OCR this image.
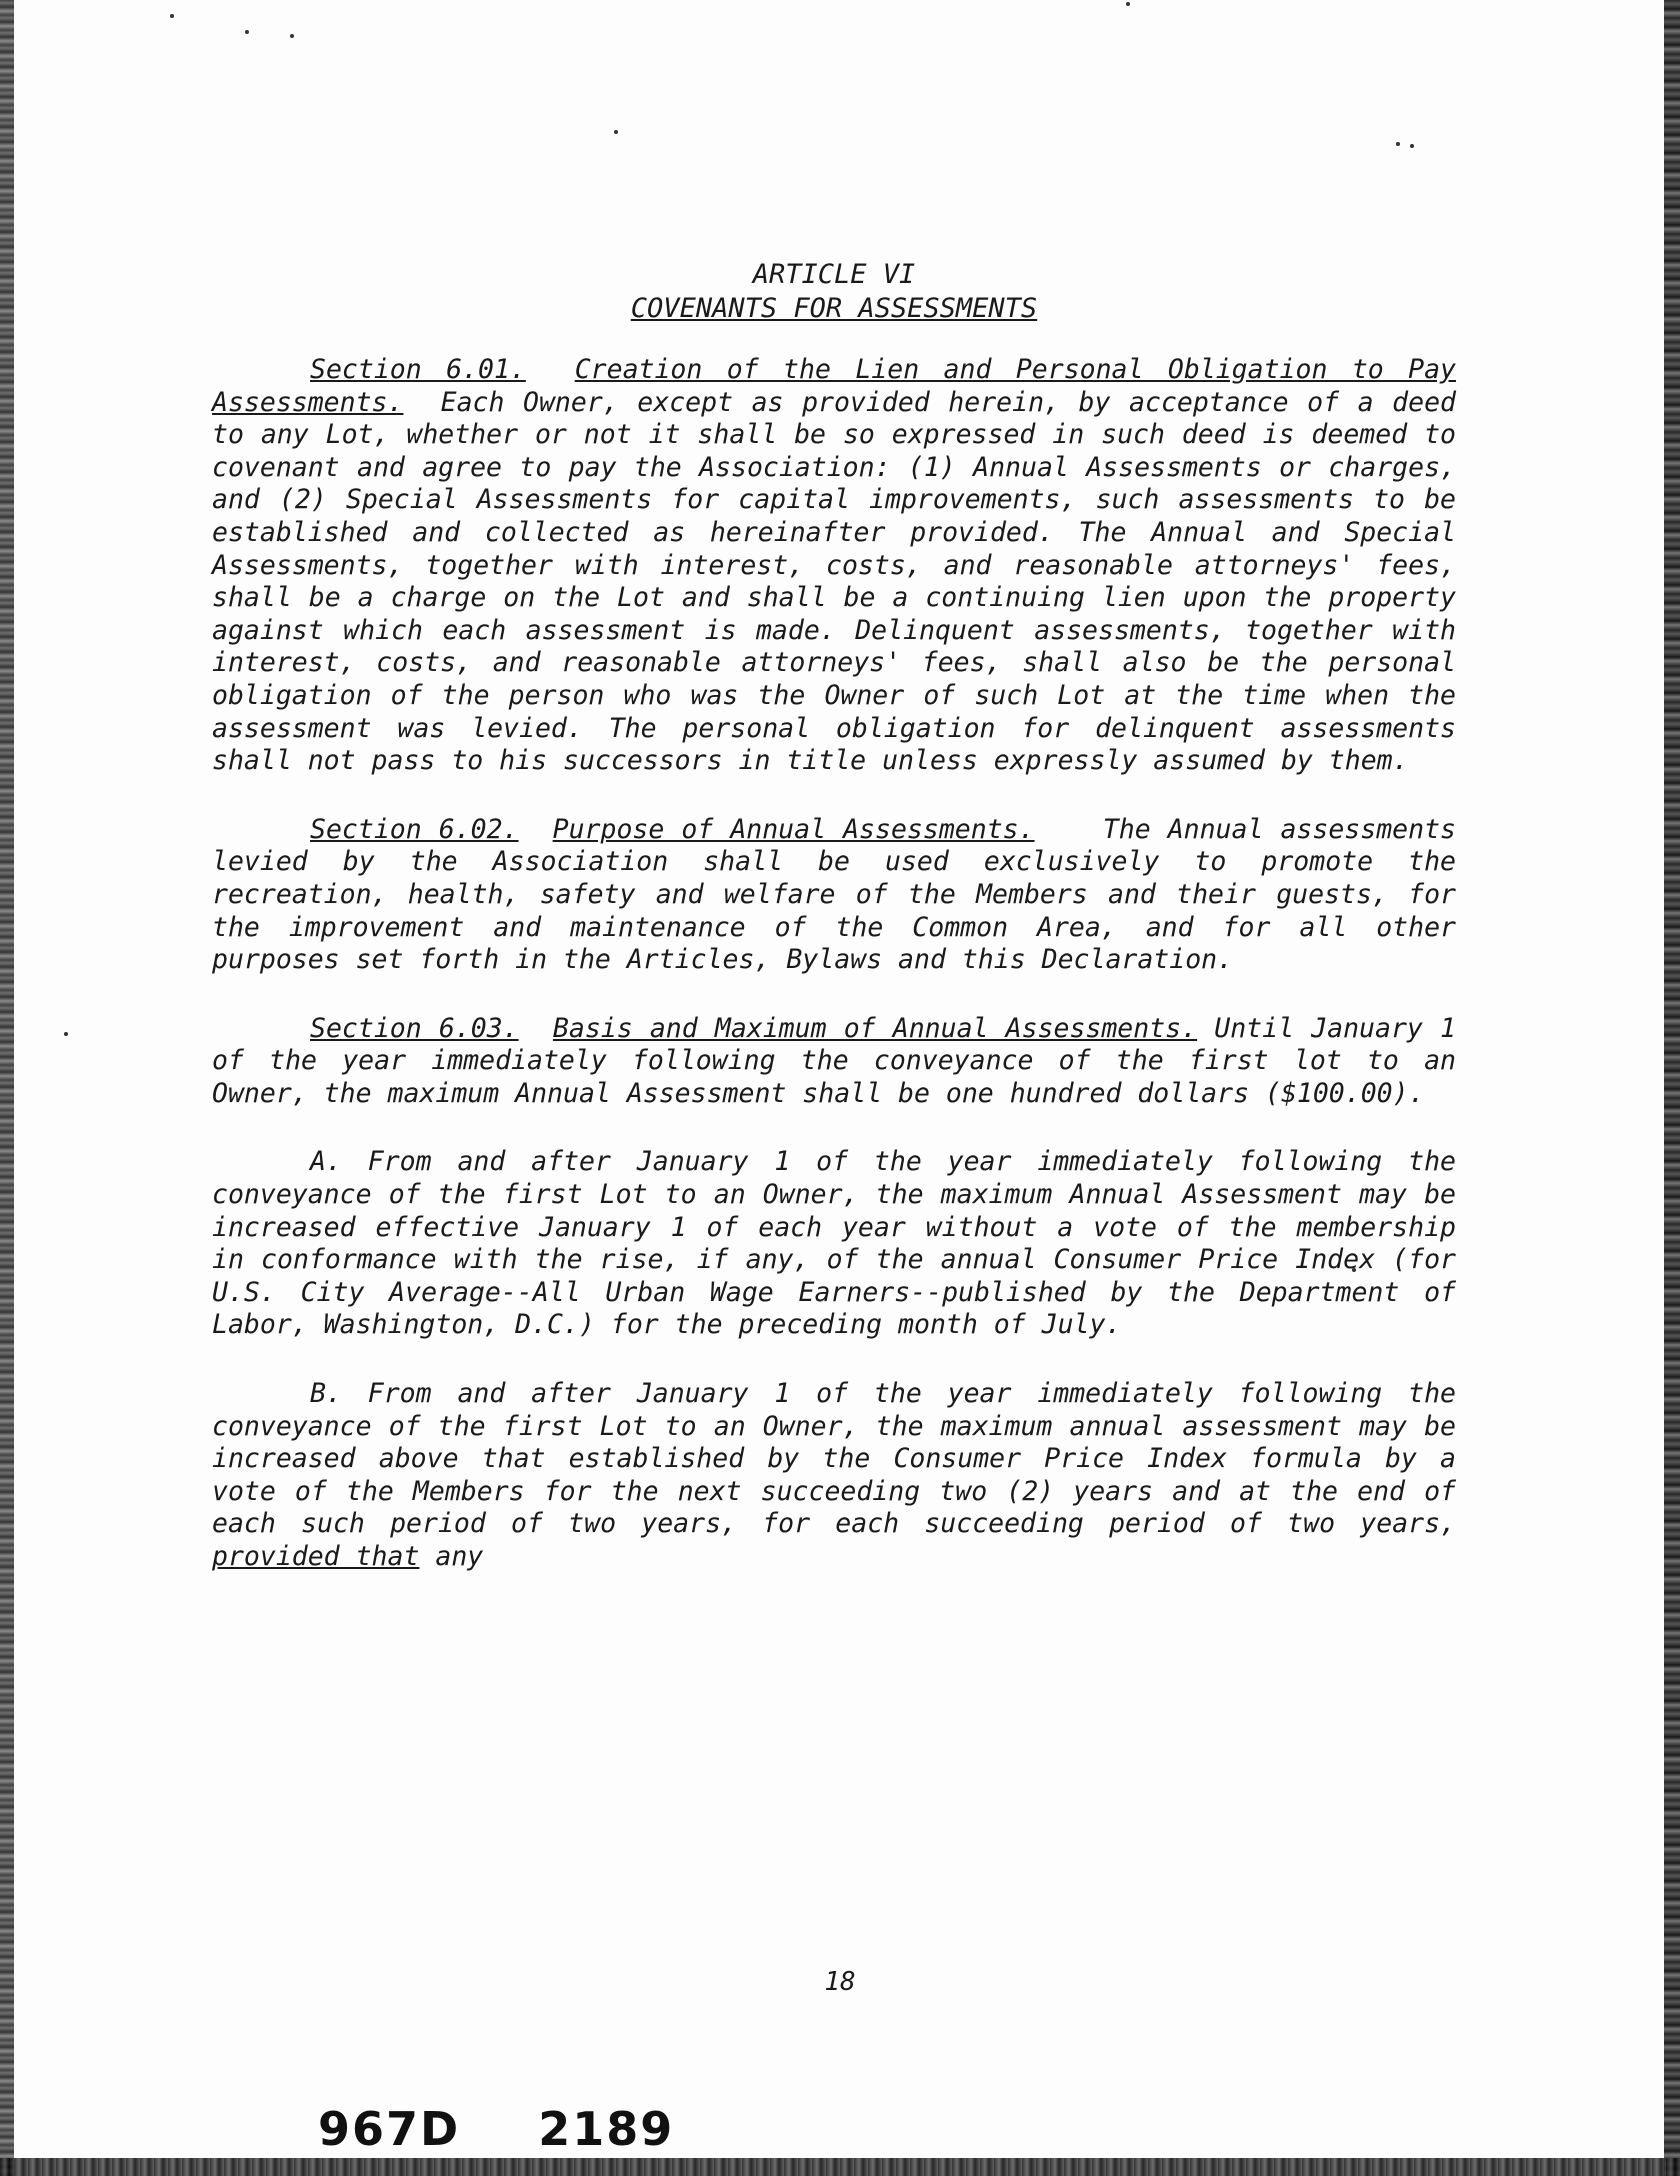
ARTICLE VI

COVENANTS FOR ASSESSMENTS

Section 6.01. Creation of the Lien and Personal Obligation to Pay Assessments. Each Owner, except as provided herein, by acceptance of a deed to any Lot, whether or not it shall be so expressed in such deed is deemed to covenant and agree to pay the Association: (1) Annual Assessments or charges, and (2) Special Assessments for capital improvements, such assessments to be established and collected as hereinafter provided. The Annual and Special Assessments, together with interest, costs, and reasonable attorneys' fees, shall be a charge on the Lot and shall be a continuing lien upon the property against which each assessment is made. Delinquent assessments, together with interest, costs, and reasonable attorneys' fees, shall also be the personal obligation of the person who was the Owner of such Lot at the time when the assessment was levied. The personal obligation for delinquent assessments shall not pass to his successors in title unless expressly assumed by them.

Section 6.02. Purpose of Annual Assessments.	The Annual assessments levied by the Association shall be used exclusively to promote the recreation, health, safety and welfare of the Members and their guests, for the improvement and maintenance of the Common Area, and for all other purposes set forth in the Articles, Bylaws and this Declaration.

Section 6.03. Basis and Maximum of Annual Assessments. Until January 1 of the year immediately following the conveyance of the first lot to an Owner, the maximum Annual Assessment shall be one hundred dollars ($100.00).

A. From and after January 1 of the year immediately following the conveyance of the first Lot to an Owner, the maximum Annual Assessment may be increased effective January 1 of each year without a vote of the membership in conformance with the rise, if any, of the annual Consumer Price Index (for U.S. City Average--All Urban Wage Earners--published by the Department of Labor, Washington, D.C.) for the preceding month of July.

B. From and after January 1 of the year immediately following the conveyance of the first Lot to an Owner, the maximum annual assessment may be increased above that established by the Consumer Price Index formula by a vote of the Members for the next succeeding two (2) years and at the end of each such period of two years, for each succeeding period of two years, provided that any

18
967D 2189
